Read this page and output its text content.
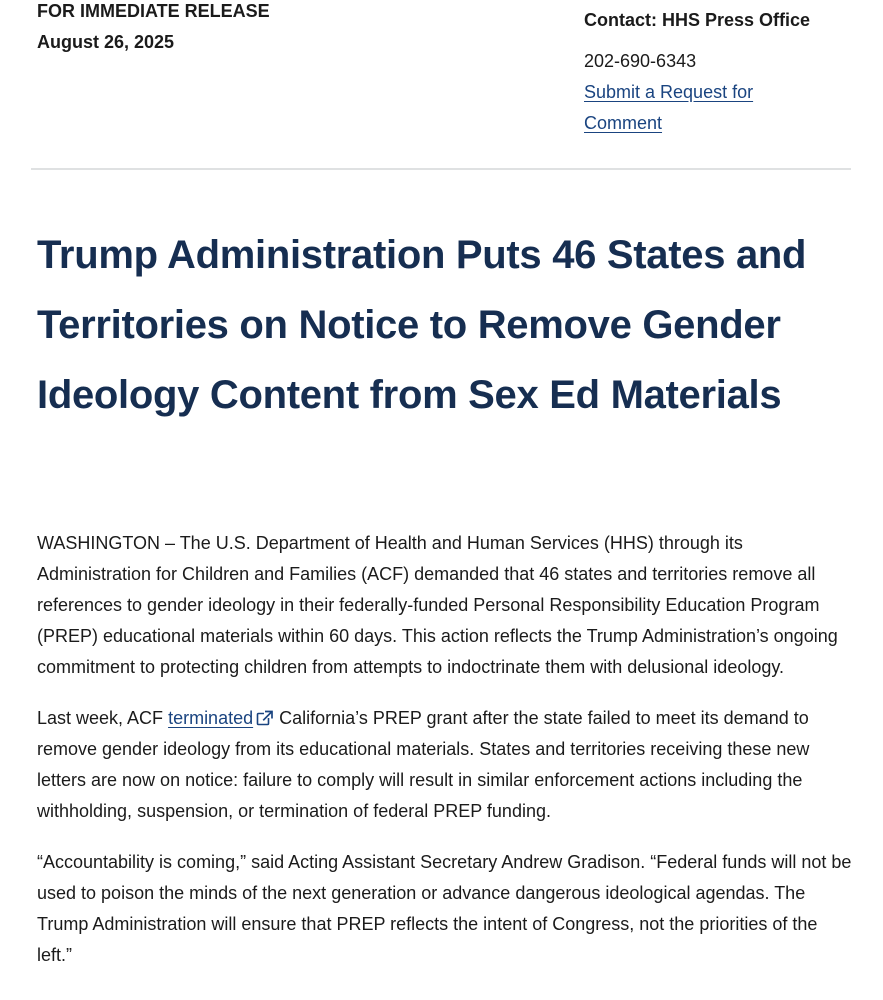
FOR IMMEDIATE RELEASE
August 26, 2025
Contact: HHS Press Office
202-690-6343
Submit a Request for Comment
Trump Administration Puts 46 States and Territories on Notice to Remove Gender Ideology Content from Sex Ed Materials

WASHINGTON – The U.S. Department of Health and Human Services (HHS) through its Administration for Children and Families (ACF) demanded that 46 states and territories remove all references to gender ideology in their federally-funded Personal Responsibility Education Program (PREP) educational materials within 60 days. This action reflects the Trump Administration’s ongoing commitment to protecting children from attempts to indoctrinate them with delusional ideology.

Last week, ACF terminated California’s PREP grant after the state failed to meet its demand to remove gender ideology from its educational materials. States and territories receiving these new letters are now on notice: failure to comply will result in similar enforcement actions including the withholding, suspension, or termination of federal PREP funding.

“Accountability is coming,” said Acting Assistant Secretary Andrew Gradison. “Federal funds will not be used to poison the minds of the next generation or advance dangerous ideological agendas. The Trump Administration will ensure that PREP reflects the intent of Congress, not the priorities of the left.”
